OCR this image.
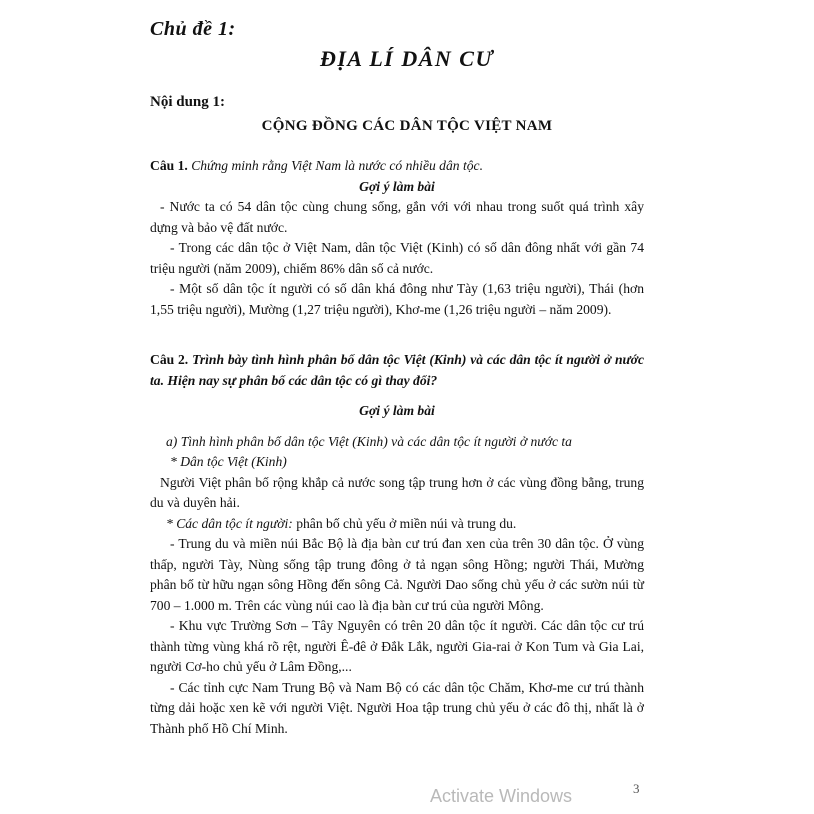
Chủ đề 1:
ĐỊA LÍ DÂN CƯ
Nội dung 1:
CỘNG ĐỒNG CÁC DÂN TỘC VIỆT NAM

Câu 1. Chứng minh rằng Việt Nam là nước có nhiều dân tộc.

Gợi ý làm bài

- Nước ta có 54 dân tộc cùng chung sống, gắn với với nhau trong suốt quá trình xây dựng và bảo vệ đất nước.

- Trong các dân tộc ở Việt Nam, dân tộc Việt (Kinh) có số dân đông nhất với gần 74 triệu người (năm 2009), chiếm 86% dân số cả nước.

- Một số dân tộc ít người có số dân khá đông như Tày (1,63 triệu người), Thái (hơn 1,55 triệu người), Mường (1,27 triệu người), Khơ-me (1,26 triệu người – năm 2009).

Câu 2. Trình bày tình hình phân bố dân tộc Việt (Kinh) và các dân tộc ít người ở nước ta. Hiện nay sự phân bố các dân tộc có gì thay đổi?

Gợi ý làm bài

a) Tình hình phân bố dân tộc Việt (Kinh) và các dân tộc ít người ở nước ta

* Dân tộc Việt (Kinh)

Người Việt phân bố rộng khắp cả nước song tập trung hơn ở các vùng đồng bằng, trung du và duyên hải.

* Các dân tộc ít người: phân bố chủ yếu ở miền núi và trung du.

- Trung du và miền núi Bắc Bộ là địa bàn cư trú đan xen của trên 30 dân tộc. Ở vùng thấp, người Tày, Nùng sống tập trung đông ở tả ngạn sông Hồng; người Thái, Mường phân bố từ hữu ngạn sông Hồng đến sông Cả. Người Dao sống chủ yếu ở các sườn núi từ 700 – 1.000 m. Trên các vùng núi cao là địa bàn cư trú của người Mông.

- Khu vực Trường Sơn – Tây Nguyên có trên 20 dân tộc ít người. Các dân tộc cư trú thành từng vùng khá rõ rệt, người Ê-đê ở Đắk Lắk, người Gia-rai ở Kon Tum và Gia Lai, người Cơ-ho chủ yếu ở Lâm Đồng,...

- Các tỉnh cực Nam Trung Bộ và Nam Bộ có các dân tộc Chăm, Khơ-me cư trú thành từng dải hoặc xen kẽ với người Việt. Người Hoa tập trung chủ yếu ở các đô thị, nhất là ở Thành phố Hồ Chí Minh.

Activate Windows	3
